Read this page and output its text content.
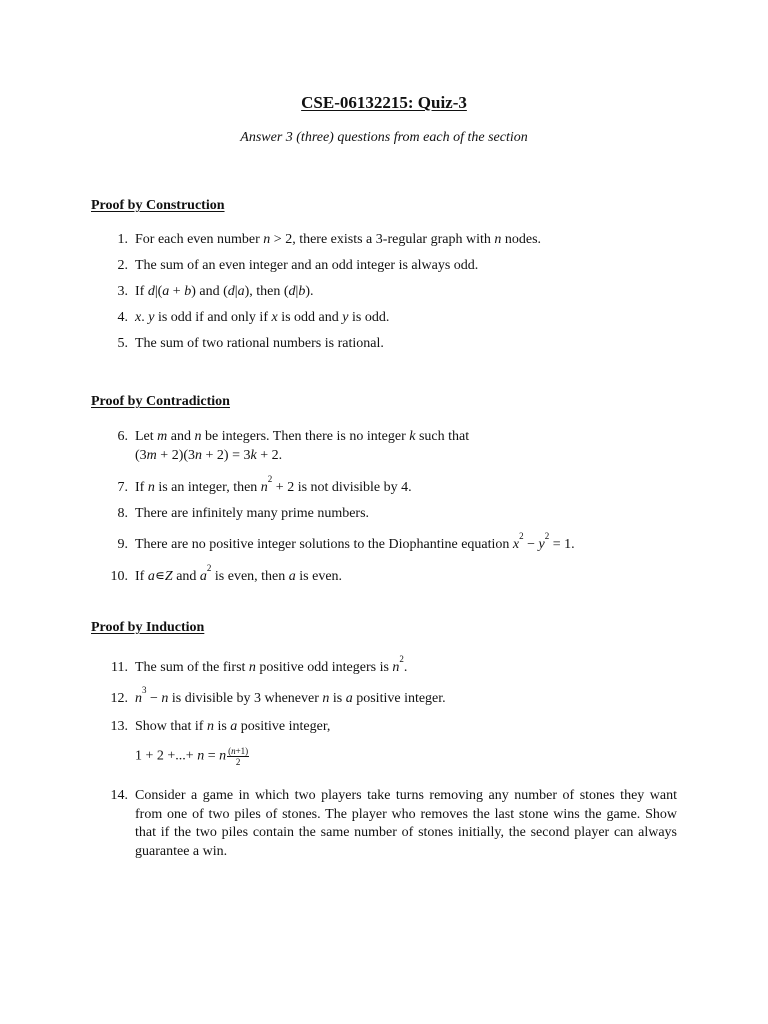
CSE-06132215: Quiz-3
Answer 3 (three) questions from each of the section
Proof by Construction
1. For each even number n > 2, there exists a 3-regular graph with n nodes.
2. The sum of an even integer and an odd integer is always odd.
3. If d|(a + b) and (d|a), then (d|b).
4. x. y is odd if and only if x is odd and y is odd.
5. The sum of two rational numbers is rational.
Proof by Contradiction
6. Let m and n be integers. Then there is no integer k such that
(3m + 2)(3n + 2) = 3k + 2.
7. If n is an integer, then $n^2 + 2$ is not divisible by 4.
8. There are infinitely many prime numbers.
9. There are no positive integer solutions to the Diophantine equation $x^2 - y^2 = 1$.
10. If a∊Z and $a^2$ is even, then a is even.
Proof by Induction
11. The sum of the first n positive odd integers is $n^2$.
12. $n^3 - n$ is divisible by 3 whenever n is a positive integer.
13. Show that if n is a positive integer,
1 + 2 +...+ n = n $\frac{(n+1)}{2}$
14. Consider a game in which two players take turns removing any number of stones they want from one of two piles of stones. The player who removes the last stone wins the game. Show that if the two piles contain the same number of stones initially, the second player can always guarantee a win.
